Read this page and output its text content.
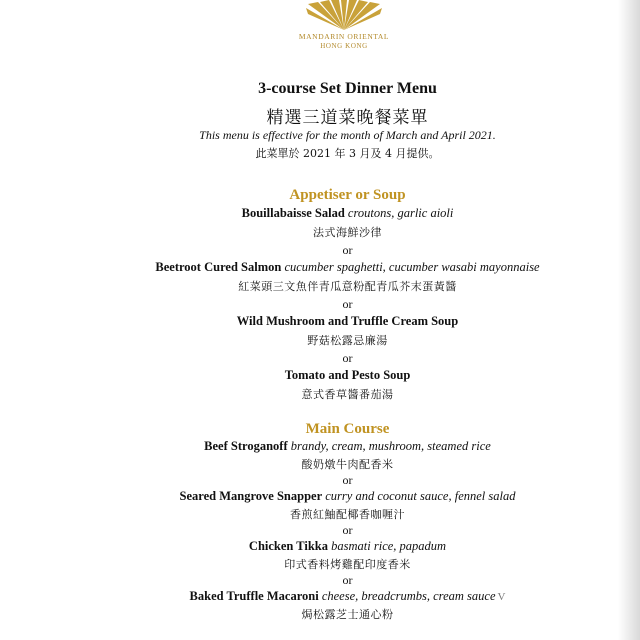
MANDARIN ORIENTAL
HONG KONG
3-course Set Dinner Menu
精選三道菜晚餐菜單
This menu is effective for the month of March and April 2021.
此菜單於 2021 年 3 月及 4 月提供。
Appetiser or Soup
Bouillabaisse Salad croutons, garlic aioli
法式海鮮沙律
or
Beetroot Cured Salmon cucumber spaghetti, cucumber wasabi mayonnaise
紅菜頭三文魚伴青瓜意粉配青瓜芥末蛋黃醬
or
Wild Mushroom and Truffle Cream Soup
野菇松露忌廉湯
or
Tomato and Pesto Soup
意式香草醬番茄湯
Main Course
Beef Stroganoff brandy, cream, mushroom, steamed rice
酸奶燉牛肉配香米
or
Seared Mangrove Snapper curry and coconut sauce, fennel salad
香煎紅鮋配椰香咖喱汁
or
Chicken Tikka basmati rice, papadum
印式香料烤雞配印度香米
or
Baked Truffle Macaroni cheese, breadcrumbs, cream sauce V
焗松露芝士通心粉
